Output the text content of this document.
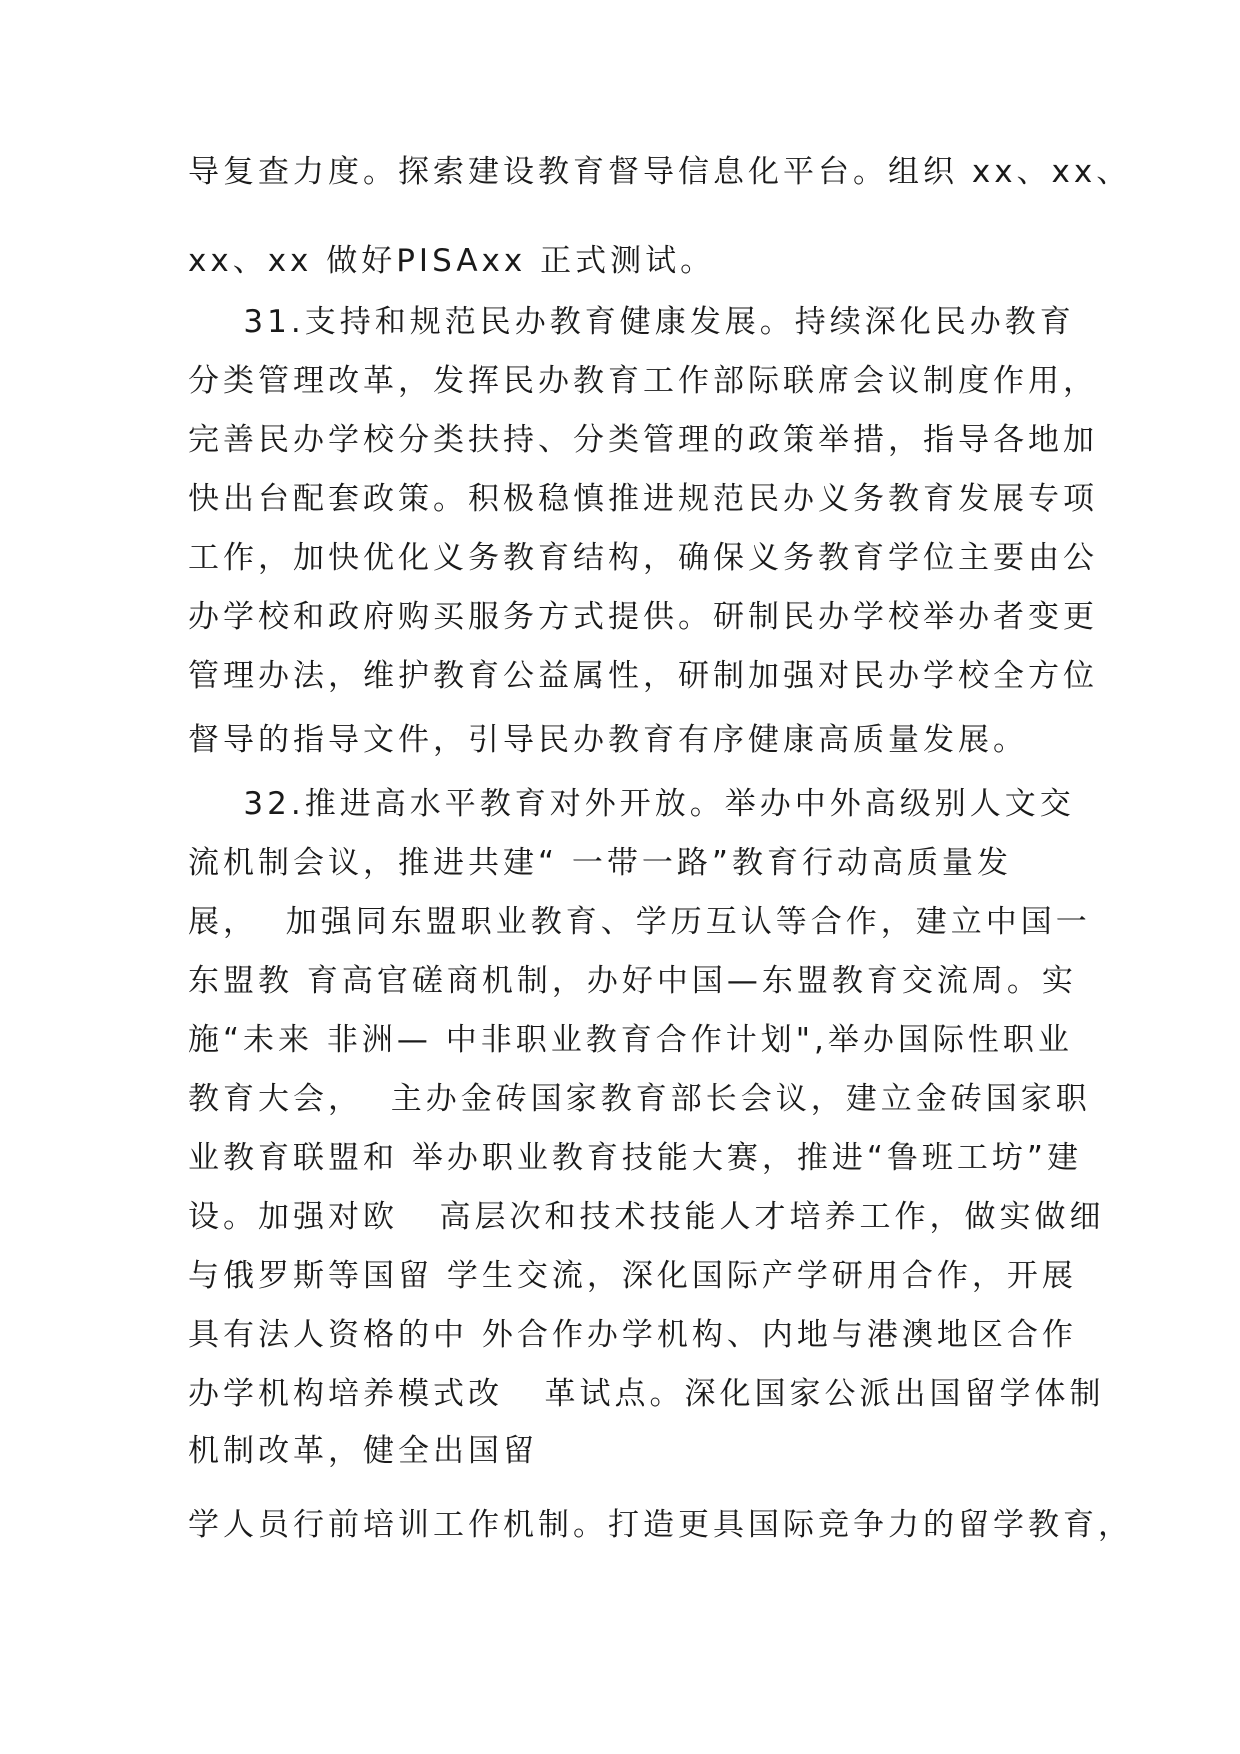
导复查力度。探索建设教育督导信息化平台。组织 xx、xx、
xx、xx 做好PISAxx 正式测试。
31.支持和规范民办教育健康发展。持续深化民办教育
分类管理改革，发挥民办教育工作部际联席会议制度作用，
完善民办学校分类扶持、分类管理的政策举措，指导各地加
快出台配套政策。积极稳慎推进规范民办义务教育发展专项
工作，加快优化义务教育结构，确保义务教育学位主要由公
办学校和政府购买服务方式提供。研制民办学校举办者变更
管理办法，维护教育公益属性，研制加强对民办学校全方位
督导的指导文件，引导民办教育有序健康高质量发展。
32.推进高水平教育对外开放。举办中外高级别人文交
流机制会议，推进共建“ 一带一路”教育行动高质量发
展，  加强同东盟职业教育、学历互认等合作，建立中国一
东盟教 育高官磋商机制，办好中国—东盟教育交流周。实
施“未来 非洲— 中非职业教育合作计划",举办国际性职业
教育大会，  主办金砖国家教育部长会议，建立金砖国家职
业教育联盟和 举办职业教育技能大赛，推进“鲁班工坊”建
设。加强对欧   高层次和技术技能人才培养工作，做实做细
与俄罗斯等国留 学生交流，深化国际产学研用合作，开展
具有法人资格的中 外合作办学机构、内地与港澳地区合作
办学机构培养模式改   革试点。深化国家公派出国留学体制
机制改革，健全出国留
学人员行前培训工作机制。打造更具国际竞争力的留学教育，
